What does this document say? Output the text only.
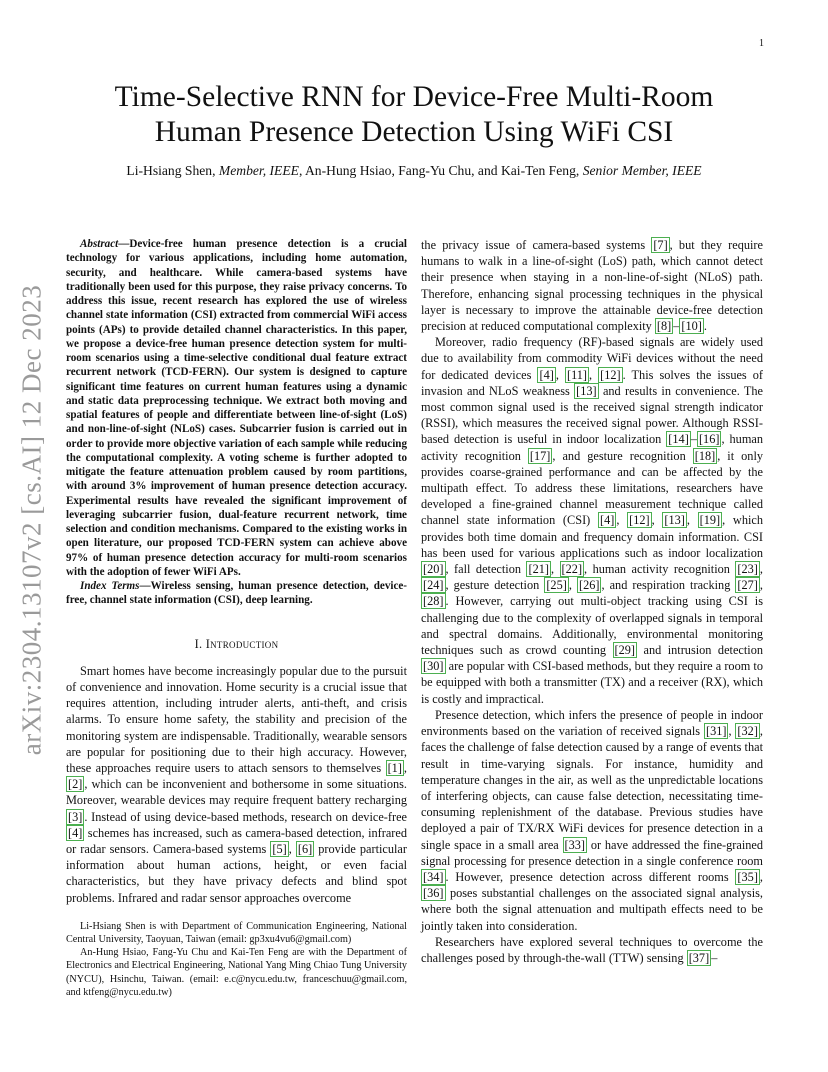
1
arXiv:2304.13107v2 [cs.AI] 12 Dec 2023
Time-Selective RNN for Device-Free Multi-Room
Human Presence Detection Using WiFi CSI
Li-Hsiang Shen, Member, IEEE, An-Hung Hsiao, Fang-Yu Chu, and Kai-Ten Feng, Senior Member, IEEE

Abstract—Device-free human presence detection is a crucial technology for various applications, including home automation, security, and healthcare. While camera-based systems have traditionally been used for this purpose, they raise privacy concerns. To address this issue, recent research has explored the use of wireless channel state information (CSI) extracted from commercial WiFi access points (APs) to provide detailed channel characteristics. In this paper, we propose a device-free human presence detection system for multi-room scenarios using a time-selective conditional dual feature extract recurrent network (TCD-FERN). Our system is designed to capture significant time features on current human features using a dynamic and static data preprocessing technique. We extract both moving and spatial features of people and differentiate between line-of-sight (LoS) and non-line-of-sight (NLoS) cases. Subcarrier fusion is carried out in order to provide more objective variation of each sample while reducing the computational complexity. A voting scheme is further adopted to mitigate the feature attenuation problem caused by room partitions, with around 3% improvement of human presence detection accuracy. Experimental results have revealed the significant improvement of leveraging subcarrier fusion, dual-feature recurrent network, time selection and condition mechanisms. Compared to the existing works in open literature, our proposed TCD-FERN system can achieve above 97% of human presence detection accuracy for multi-room scenarios with the adoption of fewer WiFi APs.

Index Terms—Wireless sensing, human presence detection, device-free, channel state information (CSI), deep learning.

I. Introduction

Smart homes have become increasingly popular due to the pursuit of convenience and innovation. Home security is a crucial issue that requires attention, including intruder alerts, anti-theft, and crisis alarms. To ensure home safety, the stability and precision of the monitoring system are indispensable. Traditionally, wearable sensors are popular for positioning due to their high accuracy. However, these approaches require users to attach sensors to themselves [1] , [2] , which can be inconvenient and bothersome in some situations. Moreover, wearable devices may require frequent battery recharging [3] . Instead of using device-based methods, research on device-free [4] schemes has increased, such as camera-based detection, infrared or radar sensors. Camera-based systems [5] , [6] provide particular information about human actions, height, or even facial characteristics, but they have privacy defects and blind spot problems. Infrared and radar sensor approaches overcome

Li-Hsiang Shen is with Department of Communication Engineering, National Central University, Taoyuan, Taiwan (email: gp3xu4vu6@gmail.com)

An-Hung Hsiao, Fang-Yu Chu and Kai-Ten Feng are with the Department of Electronics and Electrical Engineering, National Yang Ming Chiao Tung University (NYCU), Hsinchu, Taiwan. (email: e.c@nycu.edu.tw, franceschuu@gmail.com, and ktfeng@nycu.edu.tw)

the privacy issue of camera-based systems [7] , but they require humans to walk in a line-of-sight (LoS) path, which cannot detect their presence when staying in a non-line-of-sight (NLoS) path. Therefore, enhancing signal processing techniques in the physical layer is necessary to improve the attainable device-free detection precision at reduced computational complexity [8] – [10] .

Moreover, radio frequency (RF)-based signals are widely used due to availability from commodity WiFi devices without the need for dedicated devices [4] , [11] , [12] . This solves the issues of invasion and NLoS weakness [13] and results in convenience. The most common signal used is the received signal strength indicator (RSSI), which measures the received signal power. Although RSSI-based detection is useful in indoor localization [14] – [16] , human activity recognition [17] , and gesture recognition [18] , it only provides coarse-grained performance and can be affected by the multipath effect. To address these limitations, researchers have developed a fine-grained channel measurement technique called channel state information (CSI) [4] , [12] , [13] , [19] , which provides both time domain and frequency domain information. CSI has been used for various applications such as indoor localization [20] , fall detection [21] , [22] , human activity recognition [23] , [24] , gesture detection [25] , [26] , and respiration tracking [27] , [28] . However, carrying out multi-object tracking using CSI is challenging due to the complexity of overlapped signals in temporal and spectral domains. Additionally, environmental monitoring techniques such as crowd counting [29] and intrusion detection [30] are popular with CSI-based methods, but they require a room to be equipped with both a transmitter (TX) and a receiver (RX), which is costly and impractical.

Presence detection, which infers the presence of people in indoor environments based on the variation of received signals [31] , [32] , faces the challenge of false detection caused by a range of events that result in time-varying signals. For instance, humidity and temperature changes in the air, as well as the unpredictable locations of interfering objects, can cause false detection, necessitating time-consuming replenishment of the database. Previous studies have deployed a pair of TX/RX WiFi devices for presence detection in a single space in a small area [33] or have addressed the fine-grained signal processing for presence detection in a single conference room [34] . However, presence detection across different rooms [35] , [36] poses substantial challenges on the associated signal analysis, where both the signal attenuation and multipath effects need to be jointly taken into consideration.

Researchers have explored several techniques to overcome the challenges posed by through-the-wall (TTW) sensing [37] –
